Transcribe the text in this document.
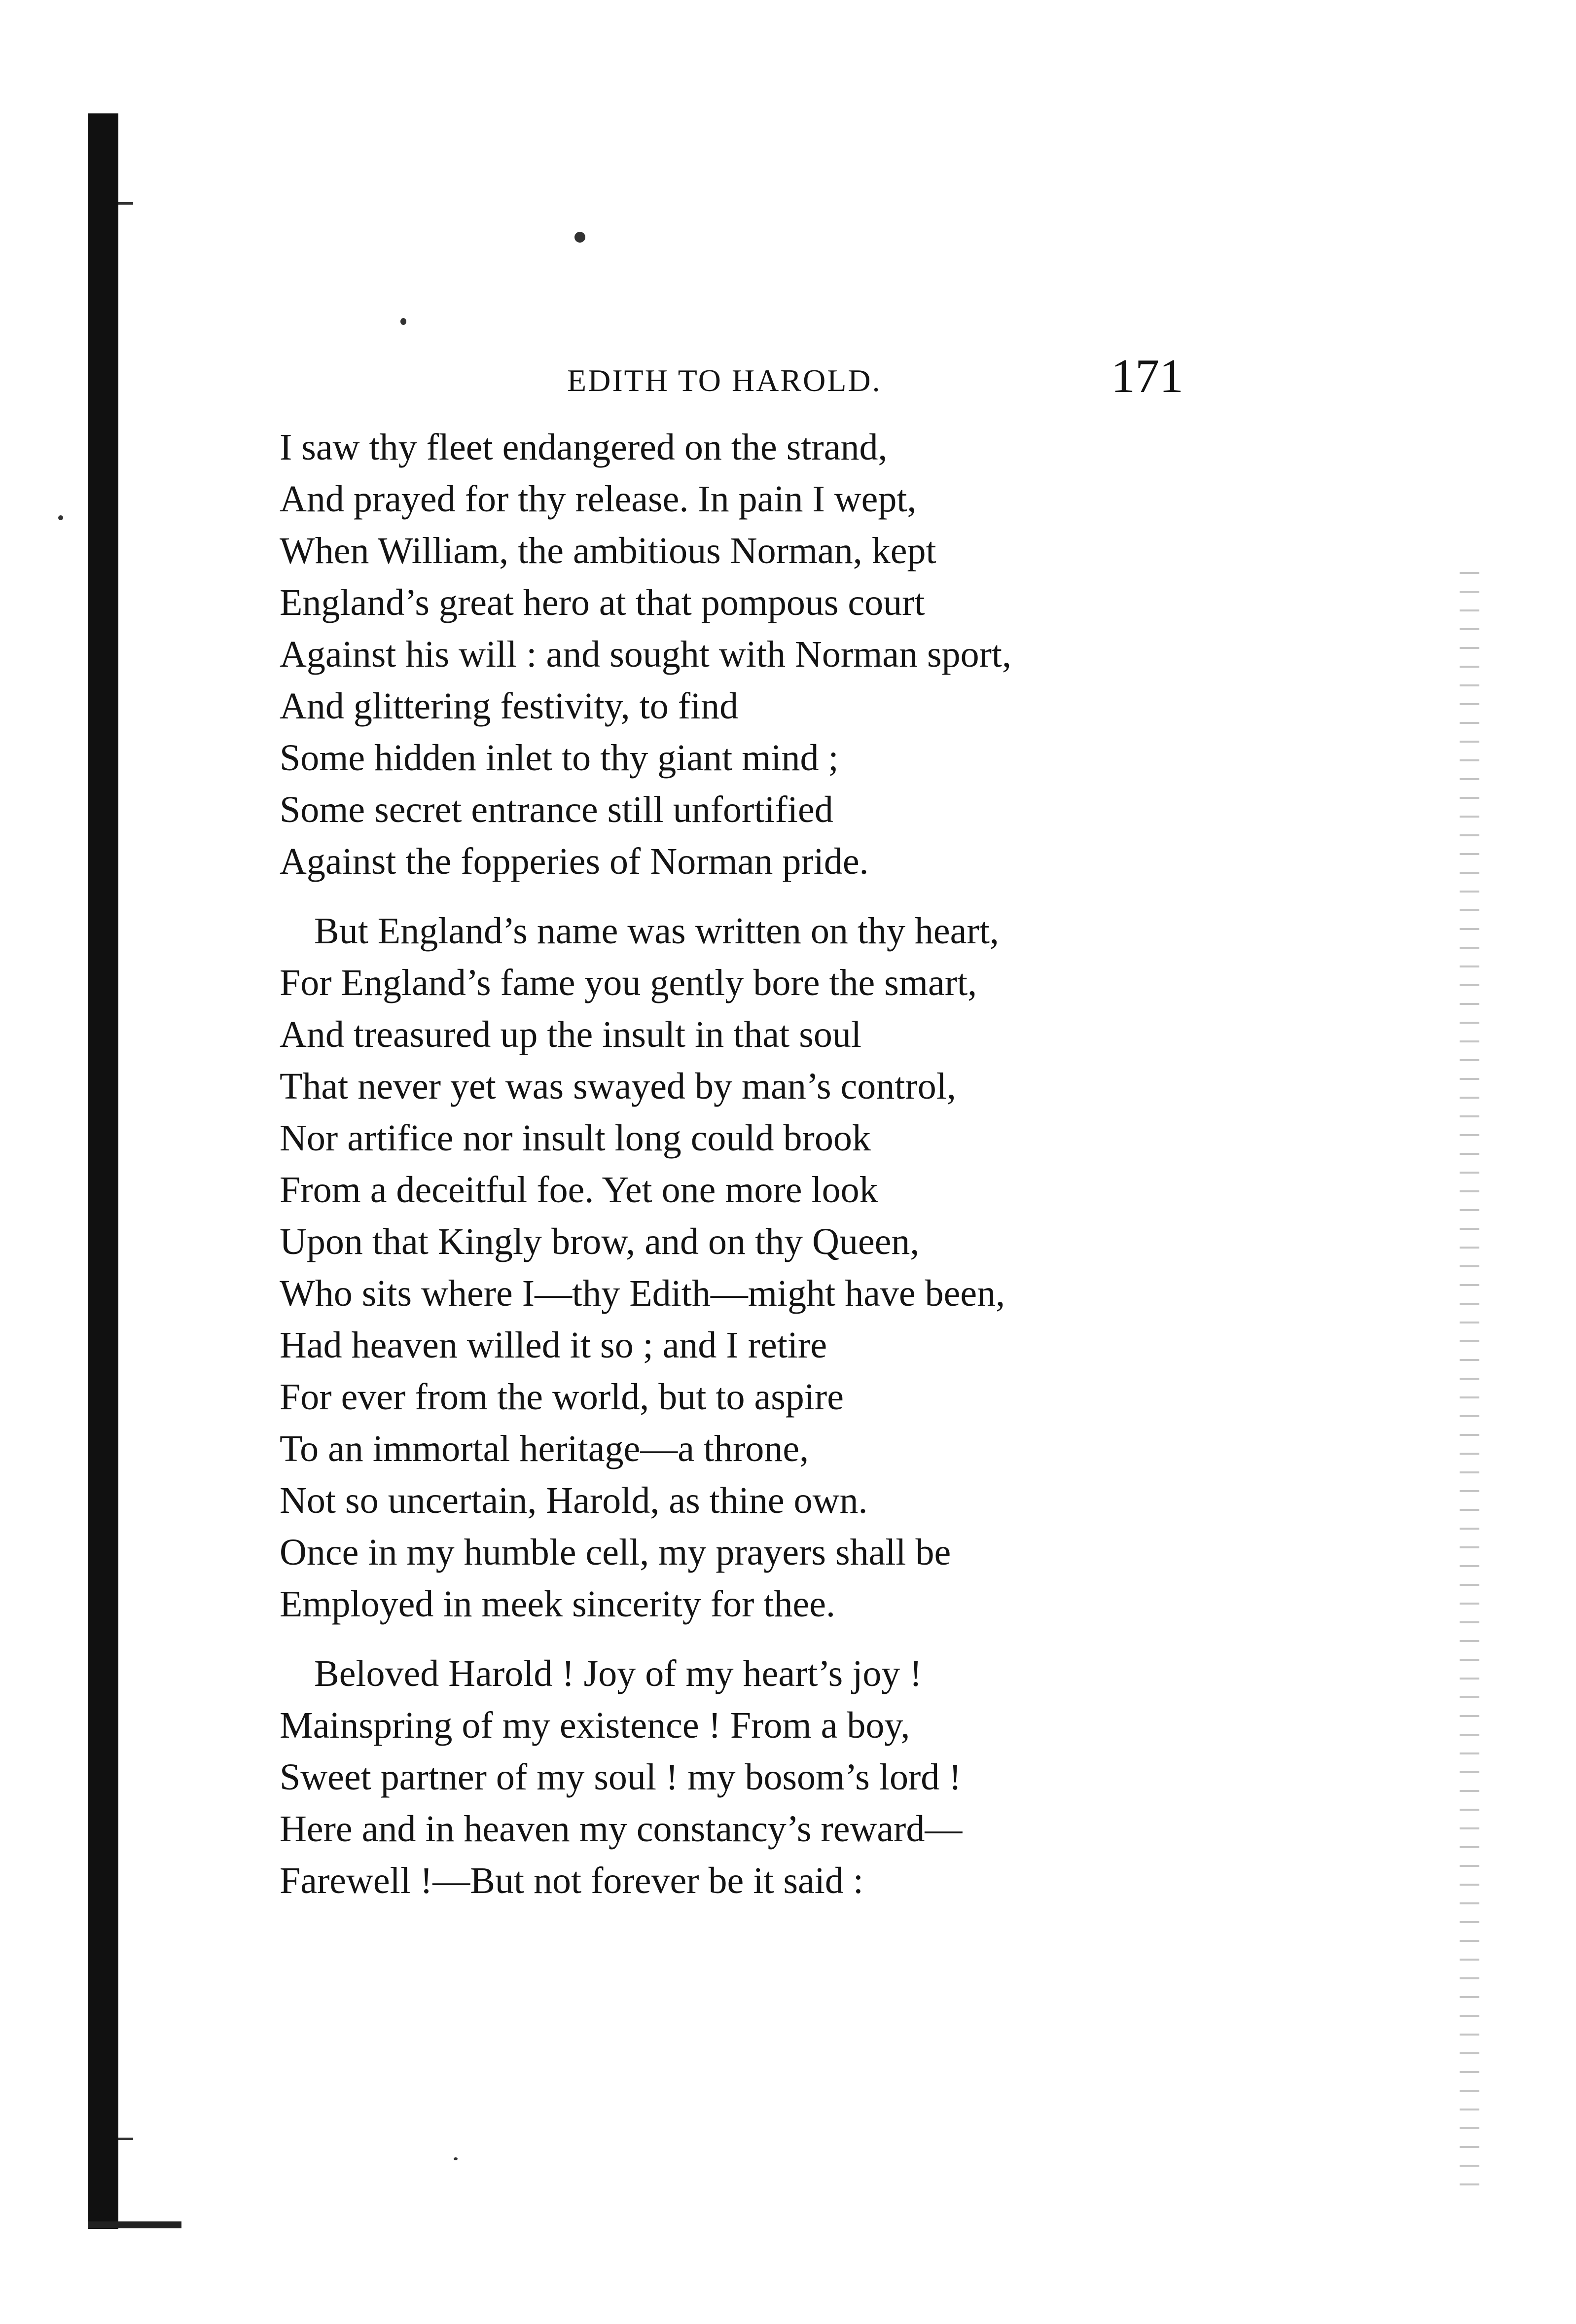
EDITH TO HAROLD.	171
I saw thy fleet endangered on the strand,
And prayed for thy release. In pain I wept,
When William, the ambitious Norman, kept
England’s great hero at that pompous court
Against his will : and sought with Norman sport,
And glittering festivity, to find
Some hidden inlet to thy giant mind ;
Some secret entrance still unfortified
Against the fopperies of Norman pride.
But England’s name was written on thy heart,
For England’s fame you gently bore the smart,
And treasured up the insult in that soul
That never yet was swayed by man’s control,
Nor artifice nor insult long could brook
From a deceitful foe. Yet one more look
Upon that Kingly brow, and on thy Queen,
Who sits where I—thy Edith—might have been,
Had heaven willed it so ; and I retire
For ever from the world, but to aspire
To an immortal heritage—a throne,
Not so uncertain, Harold, as thine own.
Once in my humble cell, my prayers shall be
Employed in meek sincerity for thee.
Beloved Harold ! Joy of my heart’s joy !
Mainspring of my existence ! From a boy,
Sweet partner of my soul ! my bosom’s lord !
Here and in heaven my constancy’s reward—
Farewell !—But not forever be it said :
